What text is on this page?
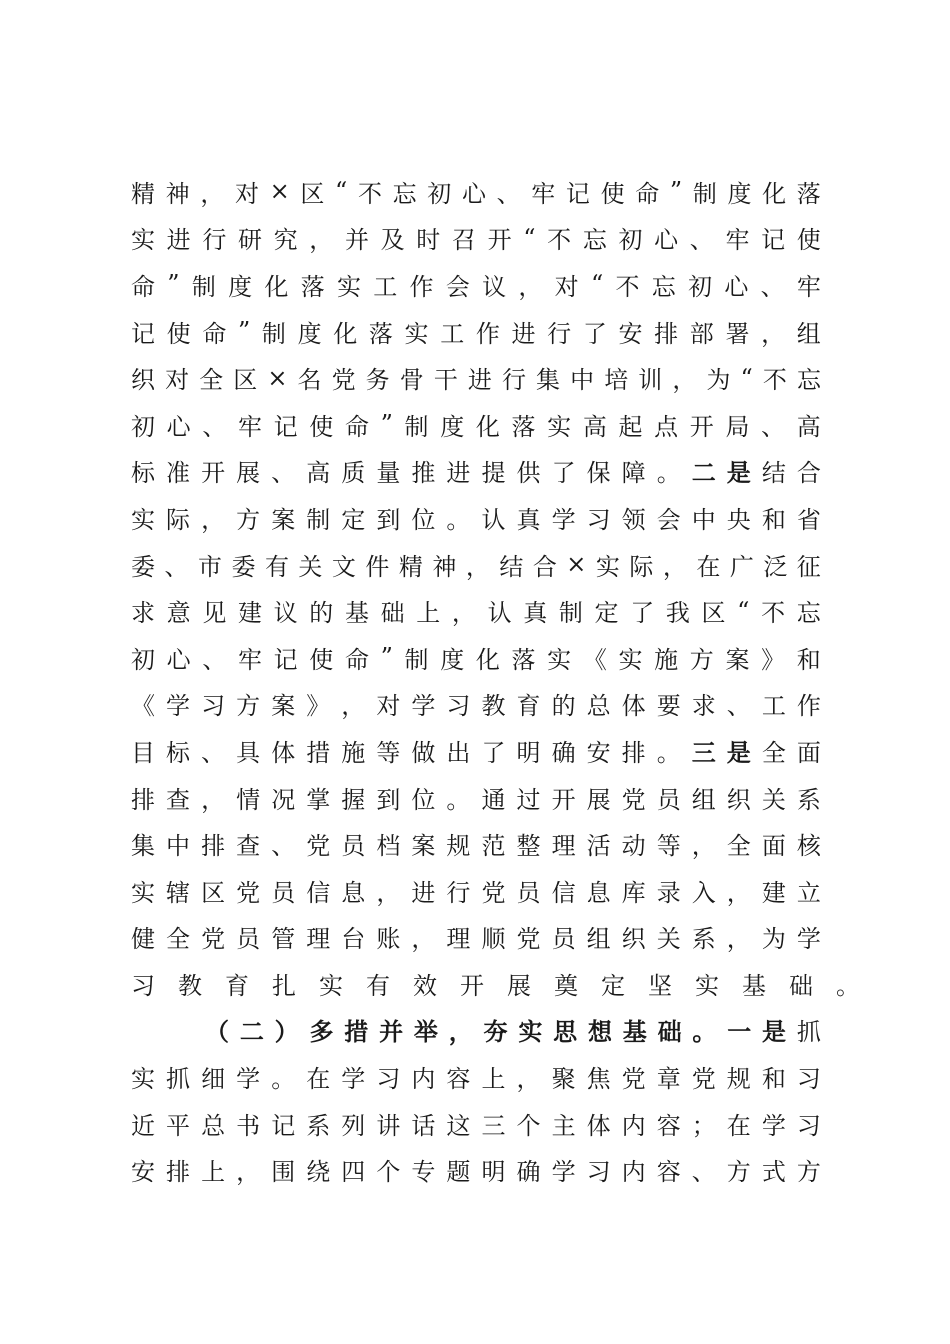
精 神 ， 对 × 区 “ 不 忘 初 心 、 牢 记 使 命 ” 制 度 化 落
实 进 行 研 究 ， 并 及 时 召 开 “ 不 忘 初 心 、 牢 记 使
命 ” 制 度 化 落 实 工 作 会 议 ， 对 “ 不 忘 初 心 、 牢
记 使 命 ” 制 度 化 落 实 工 作 进 行 了 安 排 部 署 ， 组
织 对 全 区 × 名 党 务 骨 干 进 行 集 中 培 训 ， 为 “ 不 忘
初 心 、 牢 记 使 命 ” 制 度 化 落 实 高 起 点 开 局 、 高
标 准 开 展 、 高 质 量 推 进 提 供 了 保 障 。 二 是 结 合
实 际 ， 方 案 制 定 到 位 。 认 真 学 习 领 会 中 央 和 省
委 、 市 委 有 关 文 件 精 神 ， 结 合 × 实 际 ， 在 广 泛 征
求 意 见 建 议 的 基 础 上 ， 认 真 制 定 了 我 区 “ 不 忘
初 心 、 牢 记 使 命 ” 制 度 化 落 实 《 实 施 方 案 》 和
《 学 习 方 案 》 ， 对 学 习 教 育 的 总 体 要 求 、 工 作
目 标 、 具 体 措 施 等 做 出 了 明 确 安 排 。 三 是 全 面
排 查 ， 情 况 掌 握 到 位 。 通 过 开 展 党 员 组 织 关 系
集 中 排 查 、 党 员 档 案 规 范 整 理 活 动 等 ， 全 面 核
实 辖 区 党 员 信 息 ， 进 行 党 员 信 息 库 录 入 ， 建 立
健 全 党 员 管 理 台 账 ， 理 顺 党 员 组 织 关 系 ， 为 学
习 教 育 扎 实 有 效 开 展 奠 定 坚 实 基 础 。
（ 二 ） 多 措 并 举 ， 夯 实 思 想 基 础 。 一 是 抓
实 抓 细 学 。 在 学 习 内 容 上 ， 聚 焦 党 章 党 规 和 习
近 平 总 书 记 系 列 讲 话 这 三 个 主 体 内 容 ； 在 学 习
安 排 上 ， 围 绕 四 个 专 题 明 确 学 习 内 容 、 方 式 方
